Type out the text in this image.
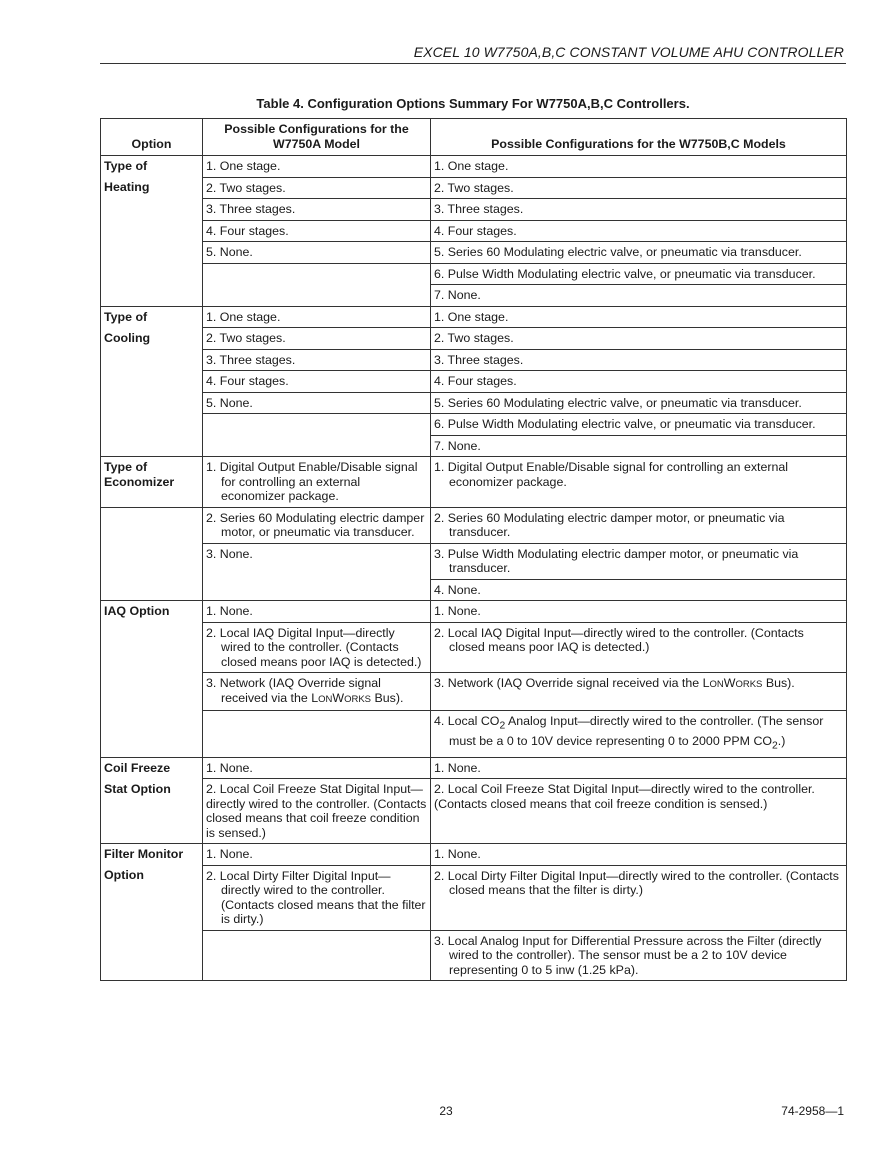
EXCEL 10 W7750A,B,C CONSTANT VOLUME AHU CONTROLLER
Table 4. Configuration Options Summary For W7750A,B,C Controllers.
Option	Possible Configurations for the W7750A Model	Possible Configurations for the W7750B,C Models
Type of	1. One stage.	1. One stage.

Heating	2. Two stages.	2. Two stages.

	3. Three stages.	3. Three stages.

	4. Four stages.	4. Four stages.

	5. None.	5. Series 60 Modulating electric valve, or pneumatic via transducer.

		6. Pulse Width Modulating electric valve, or pneumatic via transducer.

		7. None.

Type of	1. One stage.	1. One stage.

Cooling	2. Two stages.	2. Two stages.

	3. Three stages.	3. Three stages.

	4. Four stages.	4. Four stages.

	5. None.	5. Series 60 Modulating electric valve, or pneumatic via transducer.

		6. Pulse Width Modulating electric valve, or pneumatic via transducer.

		7. None.

Type of Economizer	1. Digital Output Enable/Disable signal for controlling an external economizer package.	1. Digital Output Enable/Disable signal for controlling an external economizer package.

	2. Series 60 Modulating electric damper motor, or pneumatic via transducer.	2. Series 60 Modulating electric damper motor, or pneumatic via transducer.

	3. None.	3. Pulse Width Modulating electric damper motor, or pneumatic via transducer.

		4. None.

IAQ Option	1. None.	1. None.

	2. Local IAQ Digital Input—directly wired to the controller. (Contacts closed means poor IAQ is detected.)	2. Local IAQ Digital Input—directly wired to the controller. (Contacts closed means poor IAQ is detected.)

	3. Network (IAQ Override signal received via the LONWORKS Bus).	3. Network (IAQ Override signal received via the LONWORKS Bus).

		4. Local $CO_2$ Analog Input—directly wired to the controller. (The sensor must be a 0 to 10V device representing 0 to 2000 PPM $CO_2$.)

Coil Freeze	1. None.	1. None.

Stat Option	2. Local Coil Freeze Stat Digital Input—directly wired to the controller. (Contacts closed means that coil freeze condition is sensed.)	2. Local Coil Freeze Stat Digital Input—directly wired to the controller. (Contacts closed means that coil freeze condition is sensed.)

Filter Monitor	1. None.	1. None.

Option	2. Local Dirty Filter Digital Input—directly wired to the controller. (Contacts closed means that the filter is dirty.)	2. Local Dirty Filter Digital Input—directly wired to the controller. (Contacts closed means that the filter is dirty.)

		3. Local Analog Input for Differential Pressure across the Filter (directly wired to the controller). The sensor must be a 2 to 10V device representing 0 to 5 inw (1.25 kPa).
23	74-2958—1
